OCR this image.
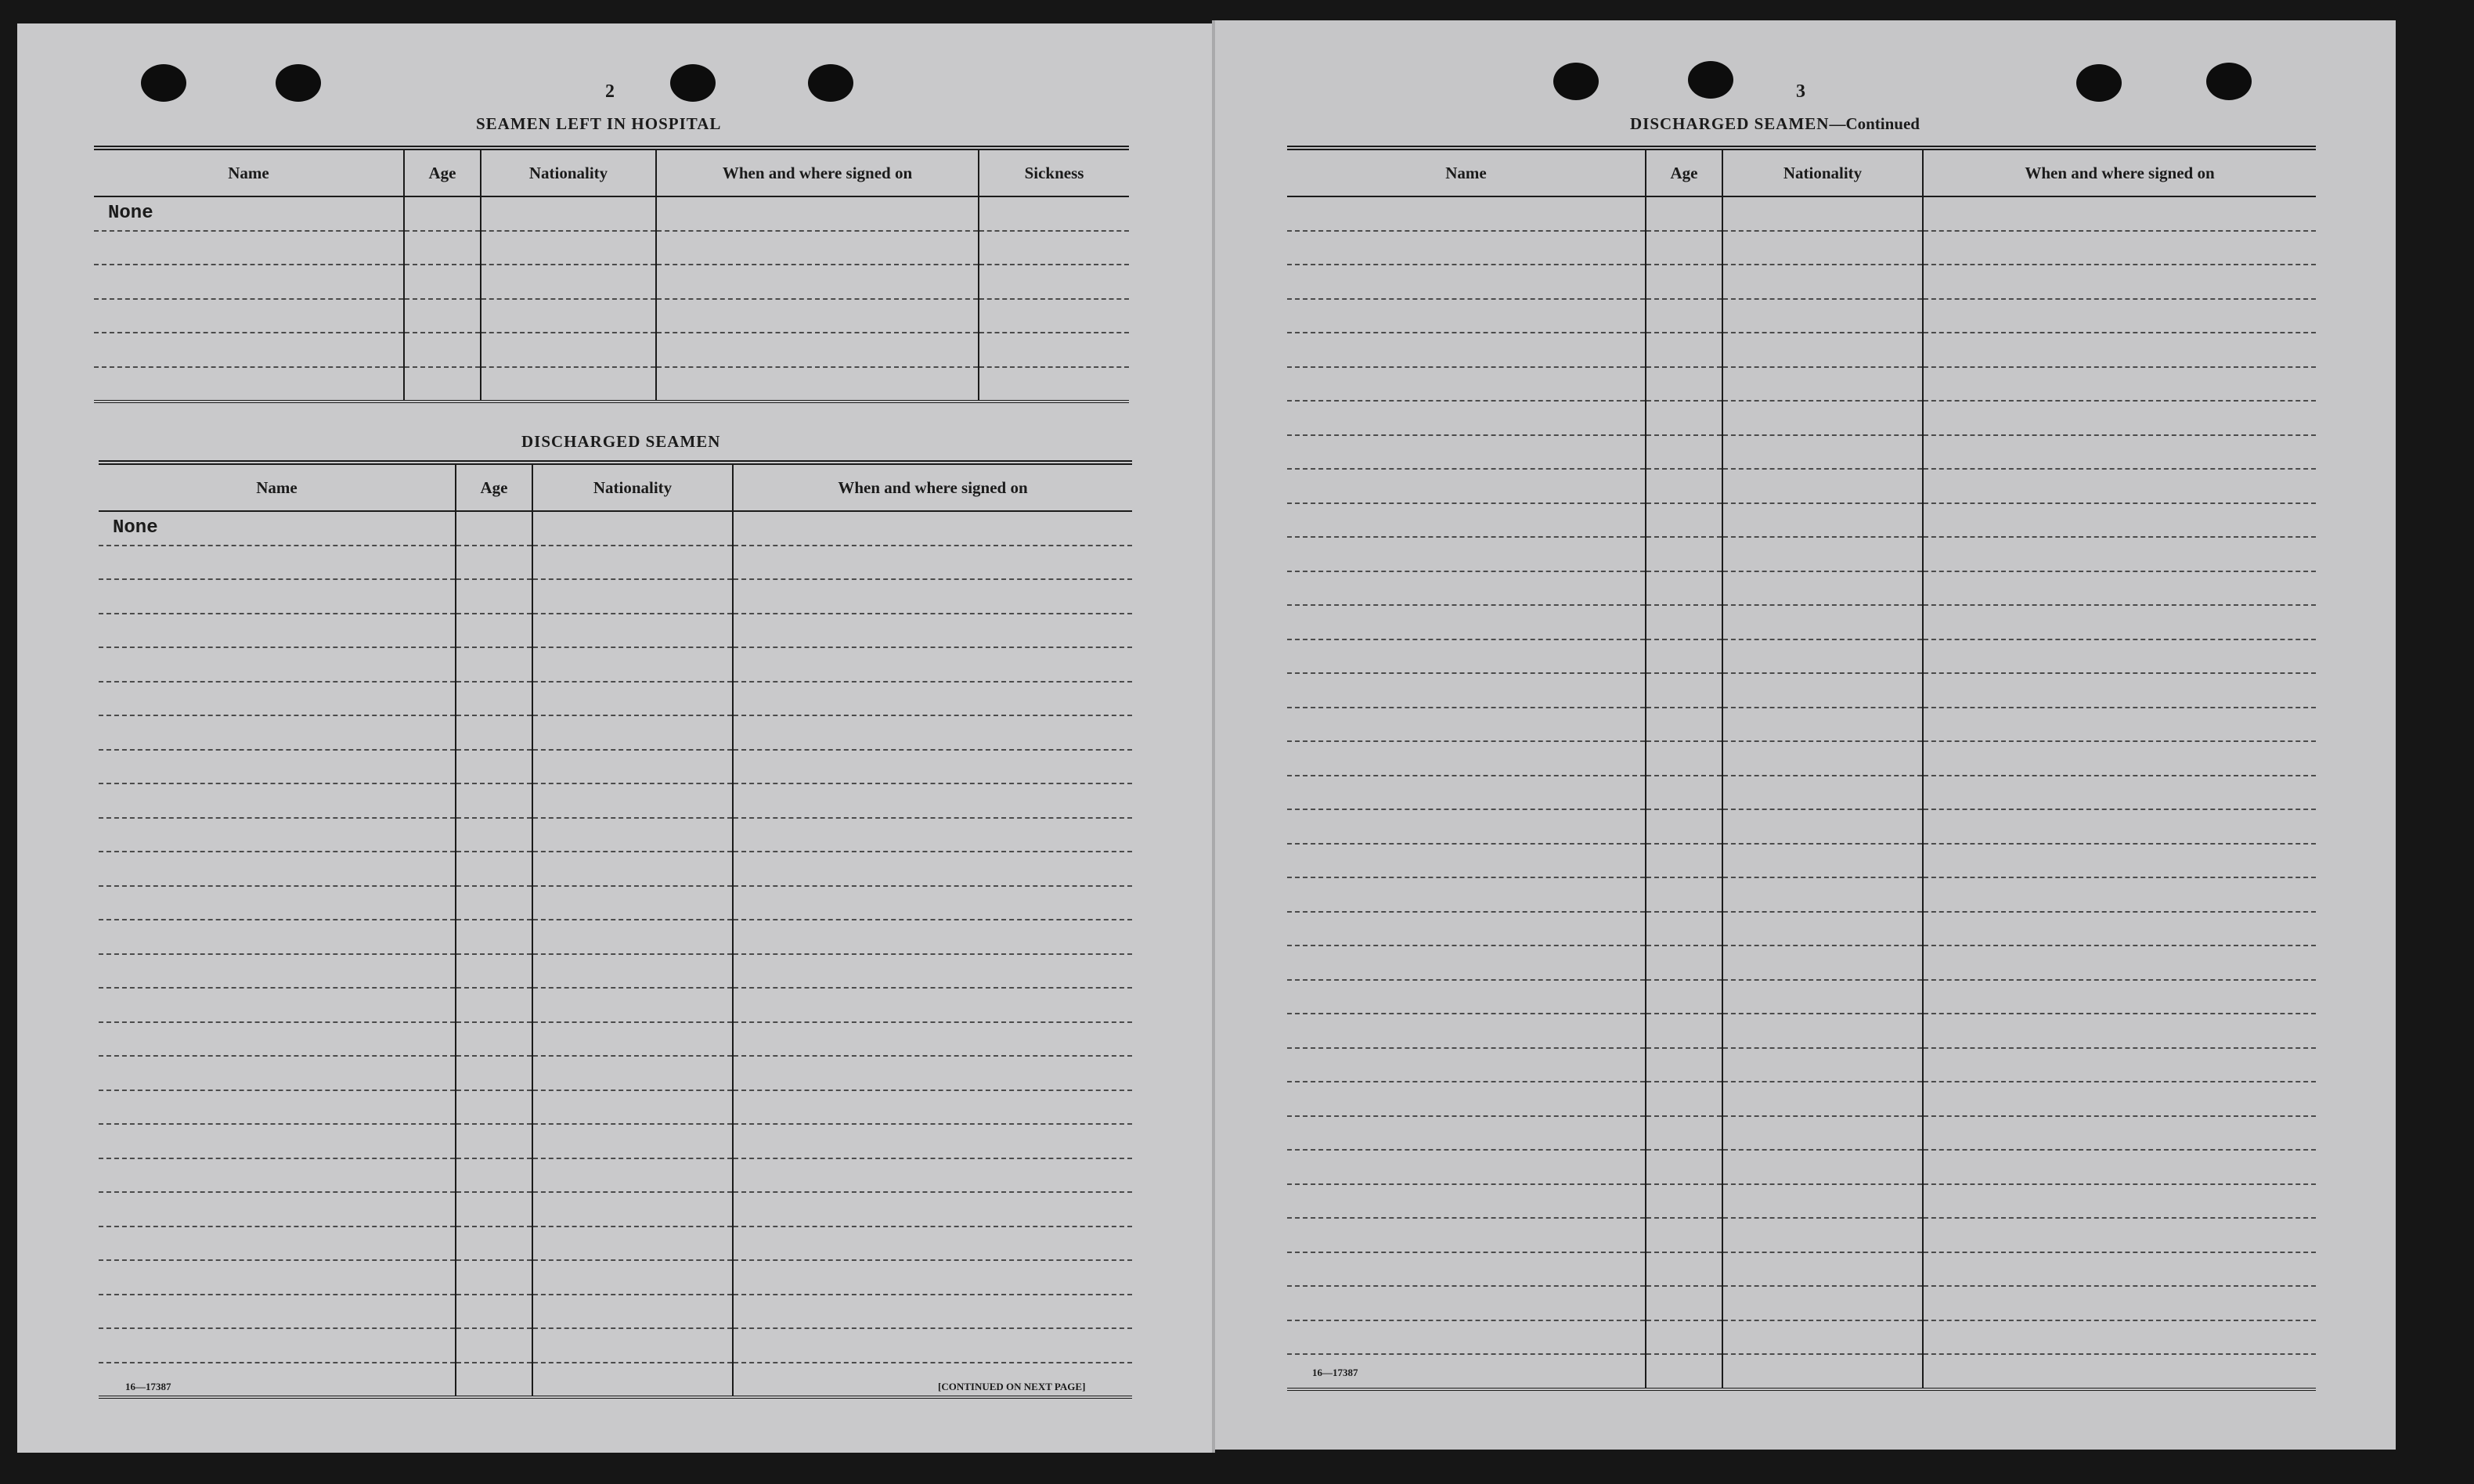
2
SEAMEN LEFT IN HOSPITAL
Name	Age	Nationality	When and where signed on	Sickness
None				

DISCHARGED SEAMEN
Name	Age	Nationality	When and where signed on
None			

16—17387	[CONTINUED ON NEXT PAGE]
3
DISCHARGED SEAMEN—Continued
Name	Age	Nationality	When and where signed on

16—17387
